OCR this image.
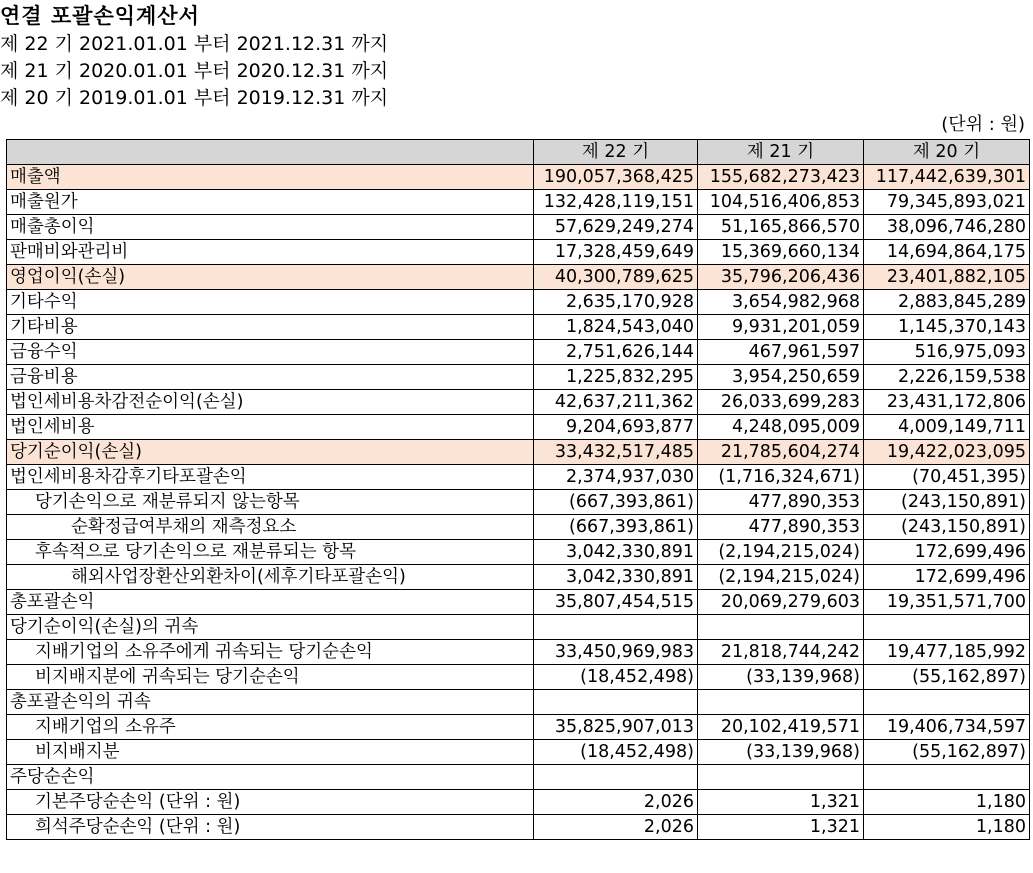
연결 포괄손익계산서
제 22 기 2021.01.01 부터 2021.12.31 까지
제 21 기 2020.01.01 부터 2020.12.31 까지
제 20 기 2019.01.01 부터 2019.12.31 까지
(단위 : 원)
	제 22 기	제 21 기	제 20 기
매출액	190,057,368,425	155,682,273,423	117,442,639,301
매출원가	132,428,119,151	104,516,406,853	79,345,893,021
매출총이익	57,629,249,274	51,165,866,570	38,096,746,280
판매비와관리비	17,328,459,649	15,369,660,134	14,694,864,175
영업이익(손실)	40,300,789,625	35,796,206,436	23,401,882,105
기타수익	2,635,170,928	3,654,982,968	2,883,845,289
기타비용	1,824,543,040	9,931,201,059	1,145,370,143
금융수익	2,751,626,144	467,961,597	516,975,093
금융비용	1,225,832,295	3,954,250,659	2,226,159,538
법인세비용차감전순이익(손실)	42,637,211,362	26,033,699,283	23,431,172,806
법인세비용	9,204,693,877	4,248,095,009	4,009,149,711
당기순이익(손실)	33,432,517,485	21,785,604,274	19,422,023,095
법인세비용차감후기타포괄손익	2,374,937,030	(1,716,324,671)	(70,451,395)
당기손익으로 재분류되지 않는항목	(667,393,861)	477,890,353	(243,150,891)
순확정급여부채의 재측정요소	(667,393,861)	477,890,353	(243,150,891)
후속적으로 당기손익으로 재분류되는 항목	3,042,330,891	(2,194,215,024)	172,699,496
해외사업장환산외환차이(세후기타포괄손익)	3,042,330,891	(2,194,215,024)	172,699,496
총포괄손익	35,807,454,515	20,069,279,603	19,351,571,700
당기순이익(손실)의 귀속			
지배기업의 소유주에게 귀속되는 당기순손익	33,450,969,983	21,818,744,242	19,477,185,992
비지배지분에 귀속되는 당기순손익	(18,452,498)	(33,139,968)	(55,162,897)
총포괄손익의 귀속			
지배기업의 소유주	35,825,907,013	20,102,419,571	19,406,734,597
비지배지분	(18,452,498)	(33,139,968)	(55,162,897)
주당순손익			
기본주당순손익 (단위 : 원)	2,026	1,321	1,180
희석주당순손익 (단위 : 원)	2,026	1,321	1,180
